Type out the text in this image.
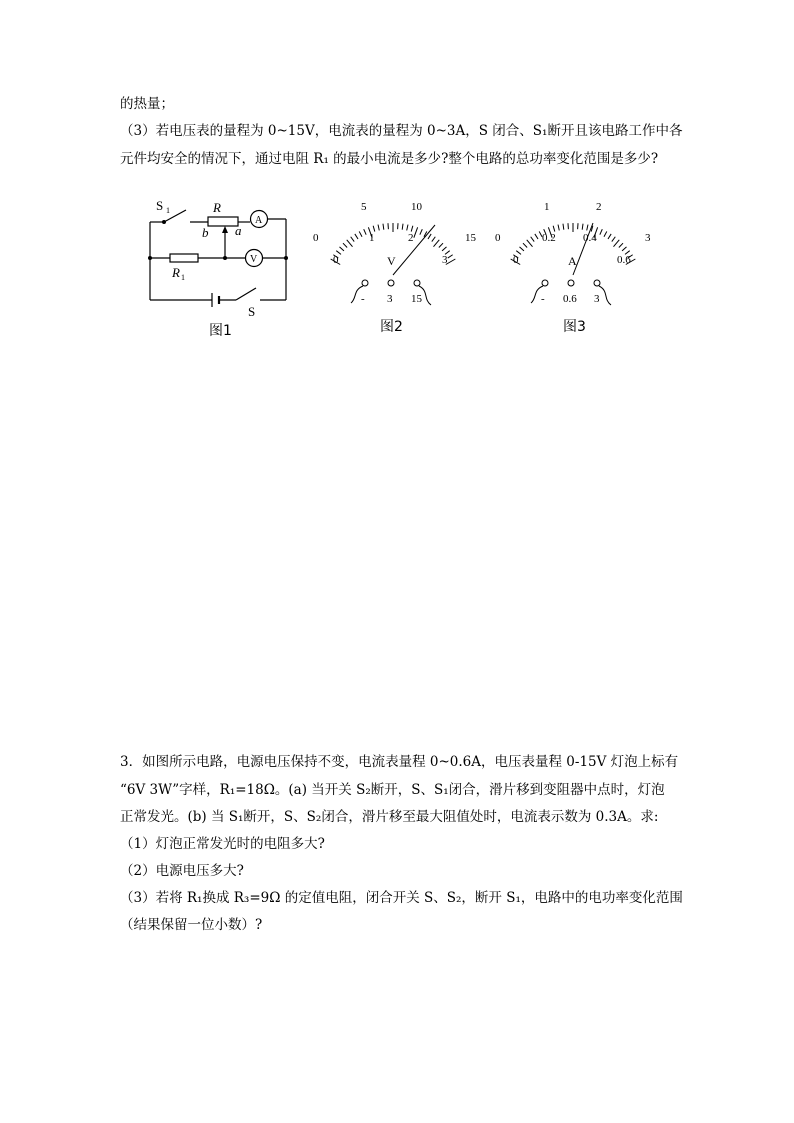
的热量；
（3）若电压表的量程为 0~15V，电流表的量程为 0~3A，S 闭合、S₁断开且该电路工作中各
元件均安全的情况下，通过电阻 R₁ 的最小电流是多少?整个电路的总功率变化范围是多少?
S 1	R
b a
A
V
R 1
S
图1
0
5	10
15
0
1	2
3
V
- 3 15
图2
0
1	2
3
0
0.2 0.4
0.6
A
- 0.6 3
图3
3．如图所示电路，电源电压保持不变，电流表量程 0~0.6A，电压表量程 0-15V 灯泡上标有
“6V 3W”字样，R₁=18Ω。(a) 当开关 S₂断开，S、S₁闭合，滑片移到变阻器中点时，灯泡
正常发光。(b) 当 S₁断开，S、S₂闭合，滑片移至最大阻值处时，电流表示数为 0.3A。求:
（1）灯泡正常发光时的电阻多大?
（2）电源电压多大?
（3）若将 R₁换成 R₃=9Ω 的定值电阻，闭合开关 S、S₂，断开 S₁，电路中的电功率变化范围
（结果保留一位小数）?
